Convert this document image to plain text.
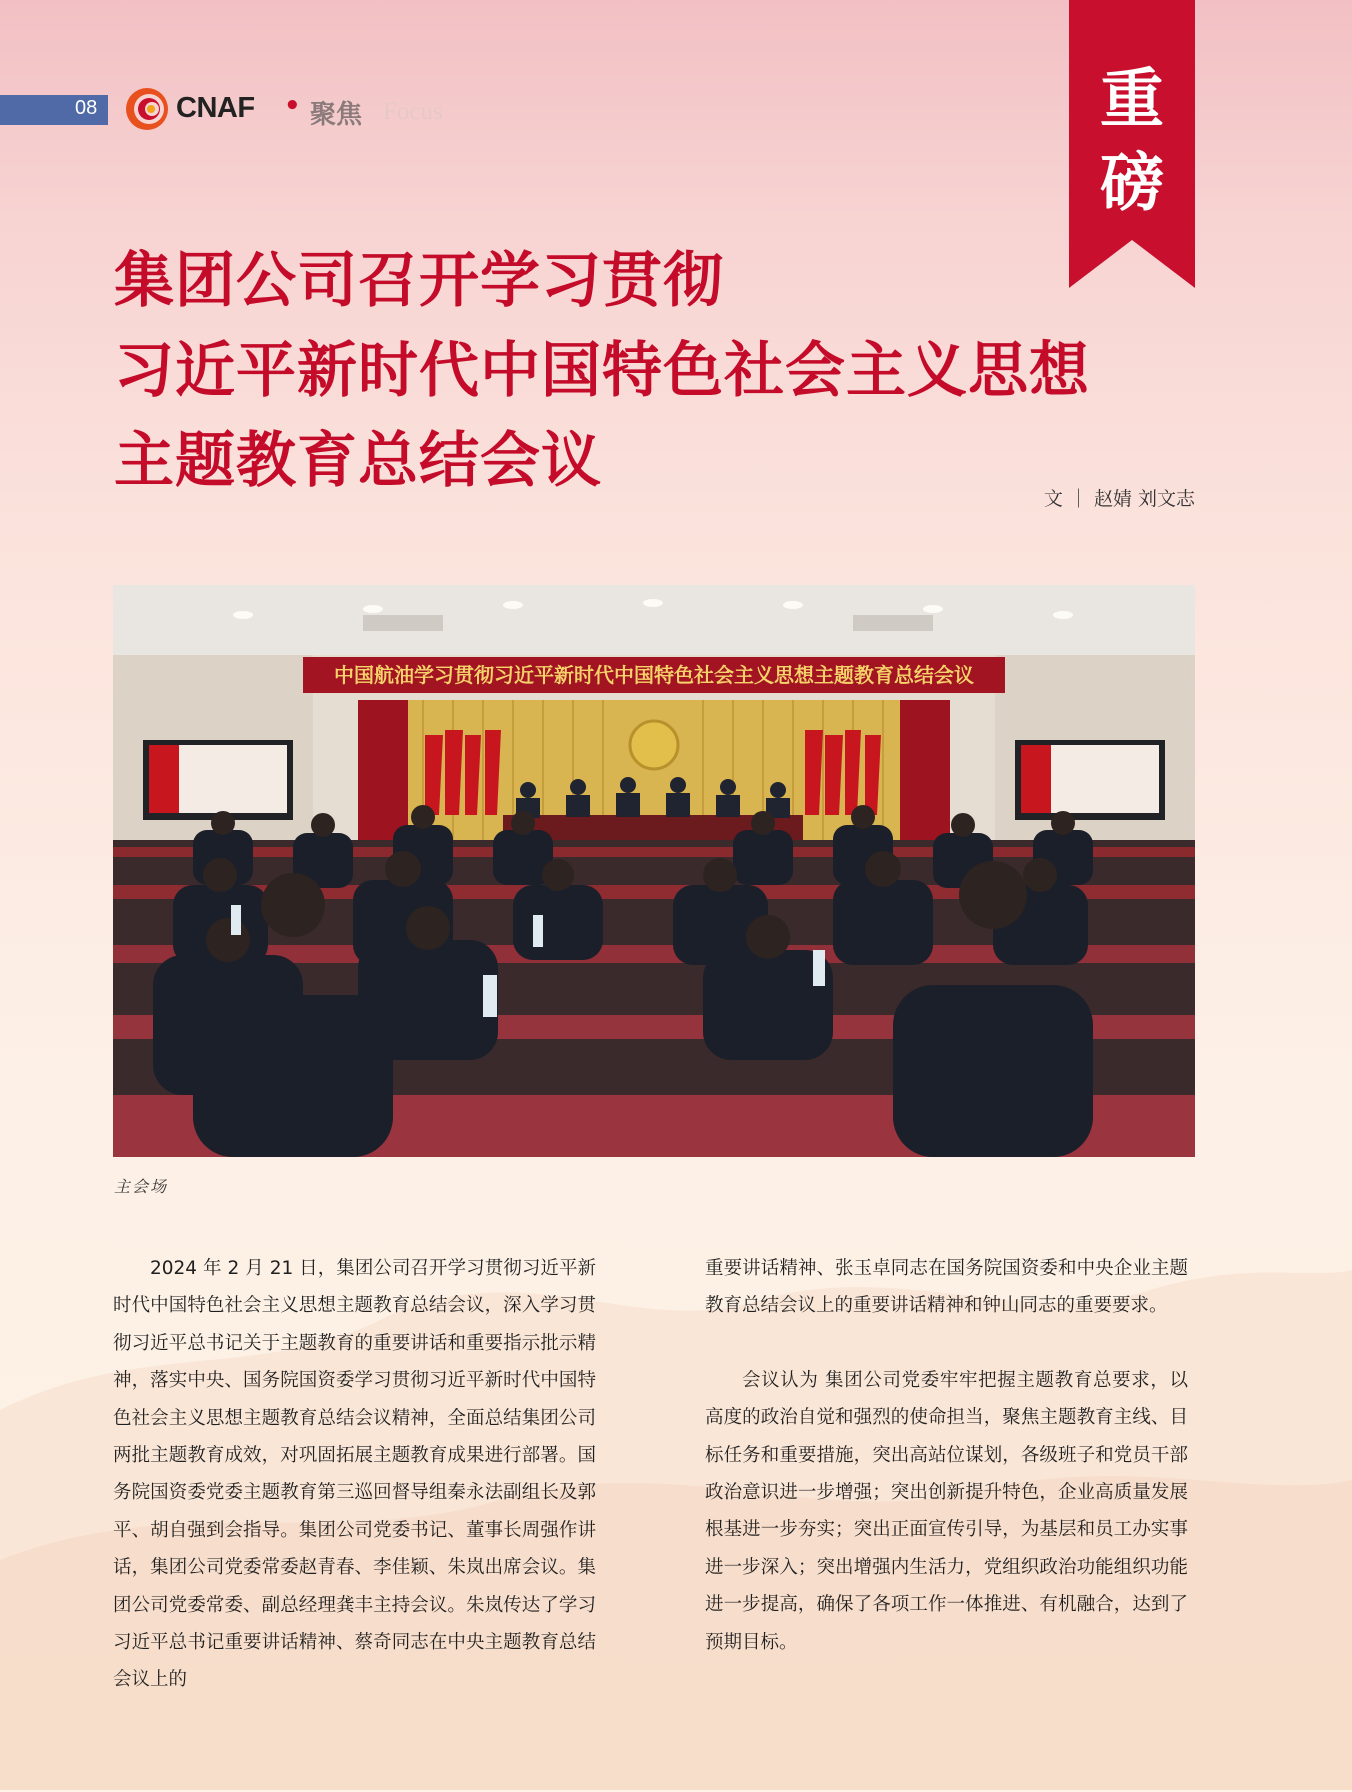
08	CNAF • 聚焦 Focus	重
磅
集团公司召开学习贯彻
习近平新时代中国特色社会主义思想
主题教育总结会议
文 ｜ 赵婧 刘文志
中国航油学习贯彻习近平新时代中国特色社会主义思想主题教育总结会议
主会场

2024 年 2 月 21 日，集团公司召开学习贯彻习近平新时代中国特色社会主义思想主题教育总结会议，深入学习贯彻习近平总书记关于主题教育的重要讲话和重要指示批示精神，落实中央、国务院国资委学习贯彻习近平新时代中国特色社会主义思想主题教育总结会议精神，全面总结集团公司两批主题教育成效，对巩固拓展主题教育成果进行部署。国务院国资委党委主题教育第三巡回督导组秦永法副组长及郭平、胡自强到会指导。集团公司党委书记、董事长周强作讲话，集团公司党委常委赵青春、李佳颖、朱岚出席会议。集团公司党委常委、副总经理龚丰主持会议。朱岚传达了学习习近平总书记重要讲话精神、蔡奇同志在中央主题教育总结会议上的

重要讲话精神、张玉卓同志在国务院国资委和中央企业主题教育总结会议上的重要讲话精神和钟山同志的重要要求。

会议认为 集团公司党委牢牢把握主题教育总要求，以高度的政治自觉和强烈的使命担当，聚焦主题教育主线、目标任务和重要措施，突出高站位谋划，各级班子和党员干部政治意识进一步增强；突出创新提升特色，企业高质量发展根基进一步夯实；突出正面宣传引导，为基层和员工办实事进一步深入；突出增强内生活力，党组织政治功能组织功能进一步提高，确保了各项工作一体推进、有机融合，达到了预期目标。
